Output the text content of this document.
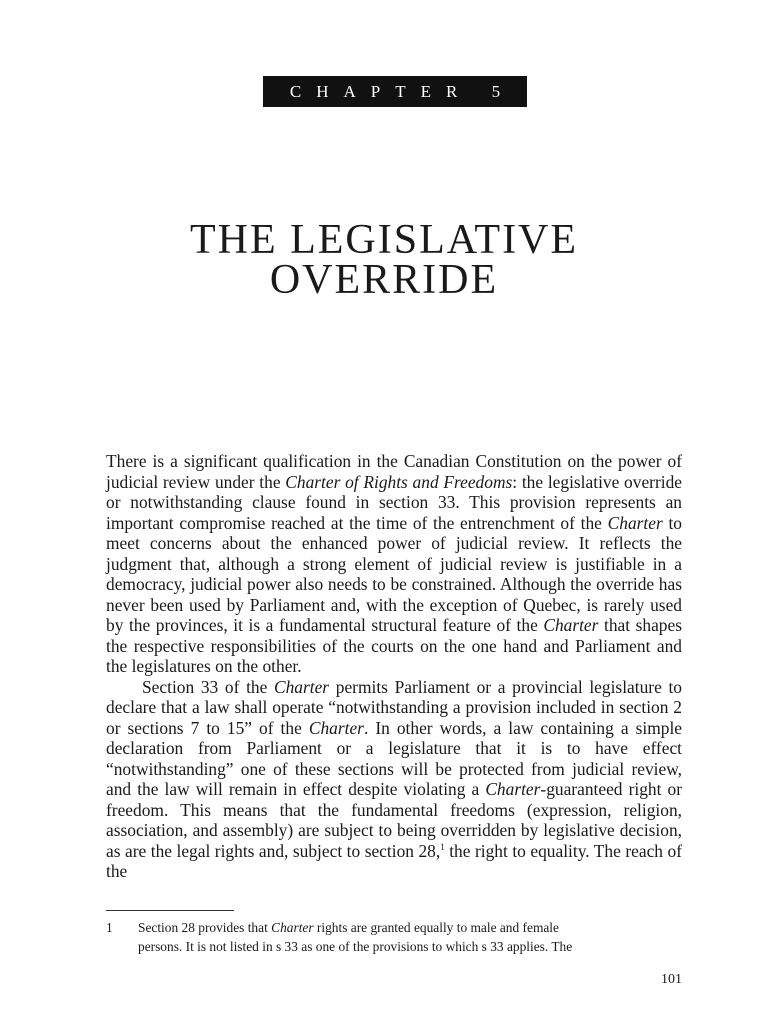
CHAPTER 5
THE LEGISLATIVE
OVERRIDE

There is a significant qualification in the Canadian Constitution on the power of judicial review under the Charter of Rights and Freedoms: the legislative override or notwithstanding clause found in section 33. This provision represents an important compromise reached at the time of the entrenchment of the Charter to meet concerns about the enhanced power of judicial review. It reflects the judgment that, although a strong element of judicial review is justifiable in a democracy, judicial power also needs to be constrained. Although the override has never been used by Parliament and, with the exception of Quebec, is rarely used by the provinces, it is a fundamental structural feature of the Charter that shapes the respective responsibilities of the courts on the one hand and Parliament and the legislatures on the other.

Section 33 of the Charter permits Parliament or a provincial legislature to declare that a law shall operate “notwithstanding a provision included in section 2 or sections 7 to 15” of the Charter. In other words, a law containing a simple declaration from Parliament or a legislature that it is to have effect “notwithstanding” one of these sections will be protected from judicial review, and the law will remain in effect despite violating a Charter-guaranteed right or freedom. This means that the fundamental freedoms (expression, religion, association, and assembly) are subject to being overridden by legislative decision, as are the legal rights and, subject to section 28,$^1$ the right to equality. The reach of the

1 Section 28 provides that Charter rights are granted equally to male and female
persons. It is not listed in s 33 as one of the provisions to which s 33 applies. The
101
